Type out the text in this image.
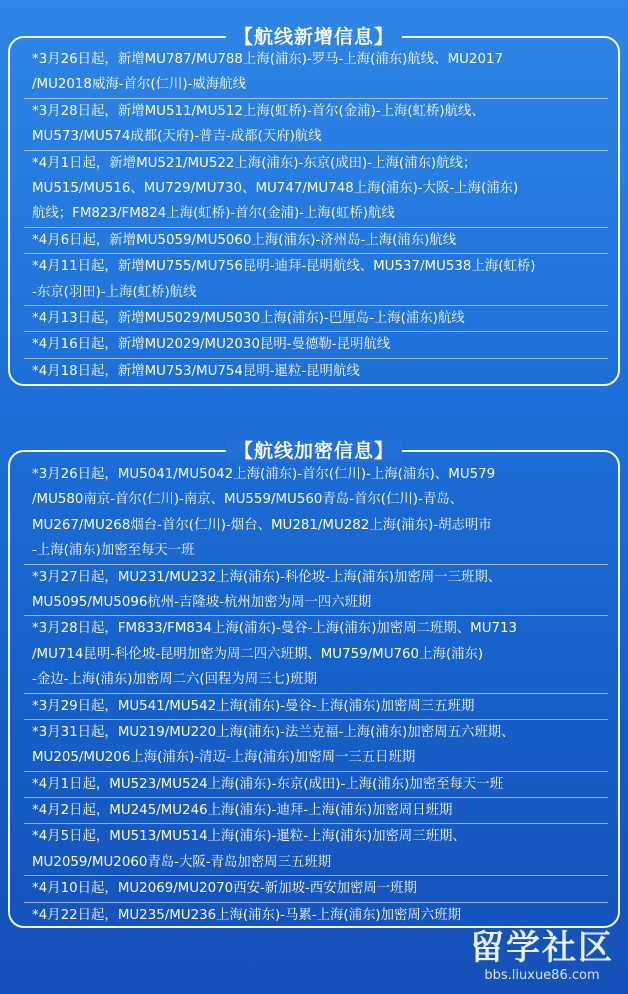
*3月26日起，新增MU787/MU788上海(浦东)-罗马-上海(浦东)航线、MU2017
/MU2018威海-首尔(仁川)-威海航线
*3月28日起，新增MU511/MU512上海(虹桥)-首尔(金浦)-上海(虹桥)航线、
MU573/MU574成都(天府)-普吉-成都(天府)航线
*4月1日起，新增MU521/MU522上海(浦东)-东京(成田)-上海(浦东)航线；
MU515/MU516、MU729/MU730、MU747/MU748上海(浦东)-大阪-上海(浦东)
航线；FM823/FM824上海(虹桥)-首尔(金浦)-上海(虹桥)航线
*4月6日起，新增MU5059/MU5060上海(浦东)-济州岛-上海(浦东)航线
*4月11日起，新增MU755/MU756昆明-迪拜-昆明航线、MU537/MU538上海(虹桥)
-东京(羽田)-上海(虹桥)航线
*4月13日起，新增MU5029/MU5030上海(浦东)-巴厘岛-上海(浦东)航线
*4月16日起，新增MU2029/MU2030昆明-曼德勒-昆明航线
*4月18日起，新增MU753/MU754昆明-暹粒-昆明航线
【航线新增信息】
*3月26日起，MU5041/MU5042上海(浦东)-首尔(仁川)-上海(浦东)、MU579
/MU580南京-首尔(仁川)-南京、MU559/MU560青岛-首尔(仁川)-青岛、
MU267/MU268烟台-首尔(仁川)-烟台、MU281/MU282上海(浦东)-胡志明市
-上海(浦东)加密至每天一班
*3月27日起，MU231/MU232上海(浦东)-科伦坡-上海(浦东)加密周一三班期、
MU5095/MU5096杭州-吉隆坡-杭州加密为周一四六班期
*3月28日起，FM833/FM834上海(浦东)-曼谷-上海(浦东)加密周二班期、MU713
/MU714昆明-科伦坡-昆明加密为周二四六班期、MU759/MU760上海(浦东)
-金边-上海(浦东)加密周二六(回程为周三七)班期
*3月29日起，MU541/MU542上海(浦东)-曼谷-上海(浦东)加密周三五班期
*3月31日起，MU219/MU220上海(浦东)-法兰克福-上海(浦东)加密周五六班期、
MU205/MU206上海(浦东)-清迈-上海(浦东)加密周一三五日班期
*4月1日起，MU523/MU524上海(浦东)-东京(成田)-上海(浦东)加密至每天一班
*4月2日起，MU245/MU246上海(浦东)-迪拜-上海(浦东)加密周日班期
*4月5日起，MU513/MU514上海(浦东)-暹粒-上海(浦东)加密周三班期、
MU2059/MU2060青岛-大阪-青岛加密周三五班期
*4月10日起，MU2069/MU2070西安-新加坡-西安加密周一班期
*4月22日起，MU235/MU236上海(浦东)-马累-上海(浦东)加密周六班期
【航线加密信息】
留学社区
bbs.liuxue86.com
